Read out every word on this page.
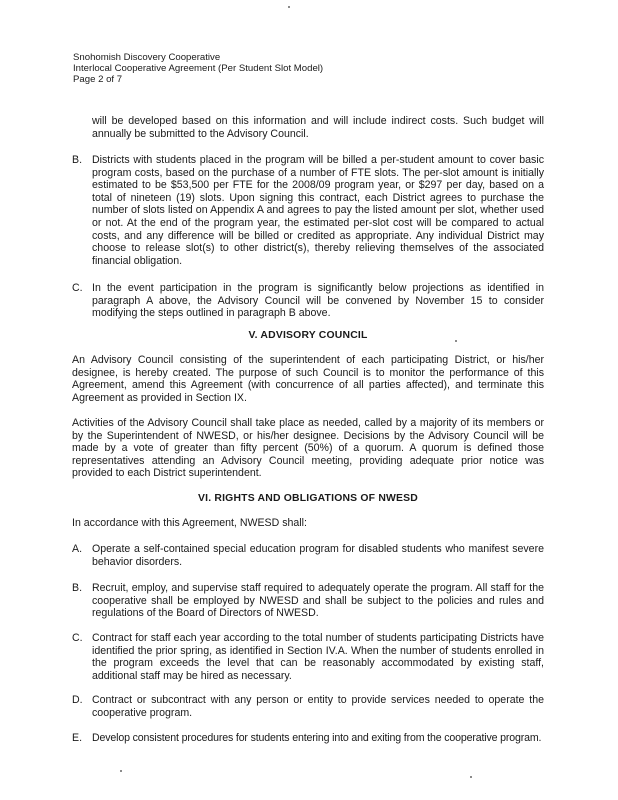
Snohomish Discovery Cooperative
Interlocal Cooperative Agreement (Per Student Slot Model)
Page 2 of 7
will be developed based on this information and will include indirect costs. Such budget will annually be submitted to the Advisory Council.
B. Districts with students placed in the program will be billed a per-student amount to cover basic program costs, based on the purchase of a number of FTE slots. The per-slot amount is initially estimated to be $53,500 per FTE for the 2008/09 program year, or $297 per day, based on a total of nineteen (19) slots. Upon signing this contract, each District agrees to purchase the number of slots listed on Appendix A and agrees to pay the listed amount per slot, whether used or not. At the end of the program year, the estimated per-slot cost will be compared to actual costs, and any difference will be billed or credited as appropriate. Any individual District may choose to release slot(s) to other district(s), thereby relieving themselves of the associated financial obligation.
C. In the event participation in the program is significantly below projections as identified in paragraph A above, the Advisory Council will be convened by November 15 to consider modifying the steps outlined in paragraph B above.
V. ADVISORY COUNCIL
An Advisory Council consisting of the superintendent of each participating District, or his/her designee, is hereby created. The purpose of such Council is to monitor the performance of this Agreement, amend this Agreement (with concurrence of all parties affected), and terminate this Agreement as provided in Section IX.
Activities of the Advisory Council shall take place as needed, called by a majority of its members or by the Superintendent of NWESD, or his/her designee. Decisions by the Advisory Council will be made by a vote of greater than fifty percent (50%) of a quorum. A quorum is defined those representatives attending an Advisory Council meeting, providing adequate prior notice was provided to each District superintendent.
VI. RIGHTS AND OBLIGATIONS OF NWESD
In accordance with this Agreement, NWESD shall:
A. Operate a self-contained special education program for disabled students who manifest severe behavior disorders.
B. Recruit, employ, and supervise staff required to adequately operate the program. All staff for the cooperative shall be employed by NWESD and shall be subject to the policies and rules and regulations of the Board of Directors of NWESD.
C. Contract for staff each year according to the total number of students participating Districts have identified the prior spring, as identified in Section IV.A. When the number of students enrolled in the program exceeds the level that can be reasonably accommodated by existing staff, additional staff may be hired as necessary.
D. Contract or subcontract with any person or entity to provide services needed to operate the cooperative program.
E. Develop consistent procedures for students entering into and exiting from the cooperative program.
